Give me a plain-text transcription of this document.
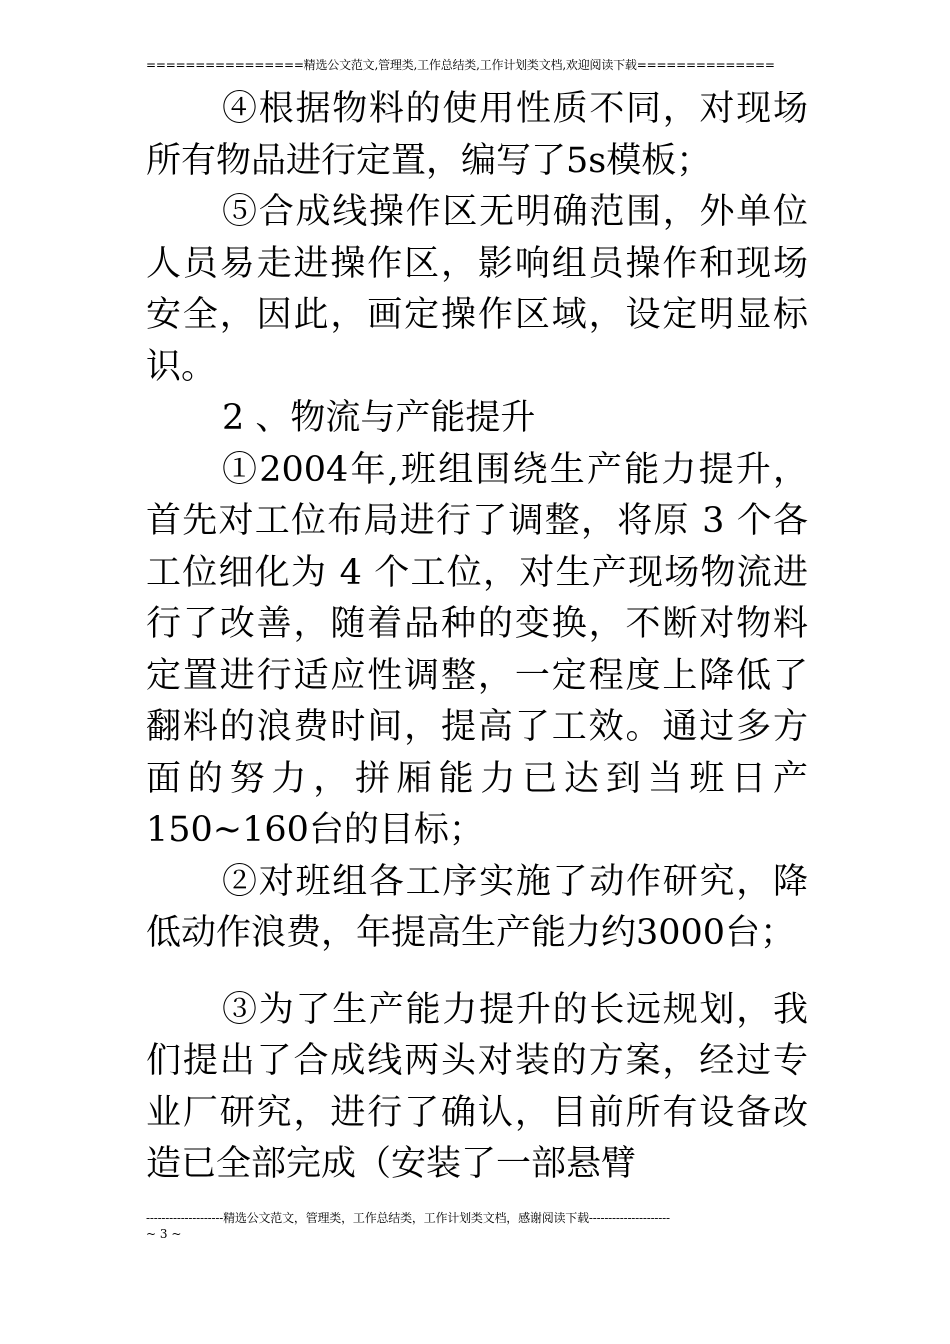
================精选公文范文,管理类,工作总结类,工作计划类文档,欢迎阅读下载==============

④根据物料的使用性质不同，对现场所有物品进行定置，编写了5s模板；

⑤合成线操作区无明确范围，外单位人员易走进操作区，影响组员操作和现场安全，因此，画定操作区域，设定明显标识。

2 、物流与产能提升

①2004年,班组围绕生产能力提升，首先对工位布局进行了调整，将原 3 个各工位细化为 4 个工位，对生产现场物流进行了改善，随着品种的变换，不断对物料定置进行适应性调整，一定程度上降低了翻料的浪费时间，提高了工效。通过多方面的努力，拼厢能力已达到当班日产150~160台的目标；

②对班组各工序实施了动作研究，降低动作浪费，年提高生产能力约3000台；

③为了生产能力提升的长远规划，我们提出了合成线两头对装的方案，经过专业厂研究，进行了确认，目前所有设备改造已全部完成（安装了一部悬臂

--------------------精选公文范文，管理类，工作总结类，工作计划类文档，感谢阅读下载---------------------
~ 3 ~
